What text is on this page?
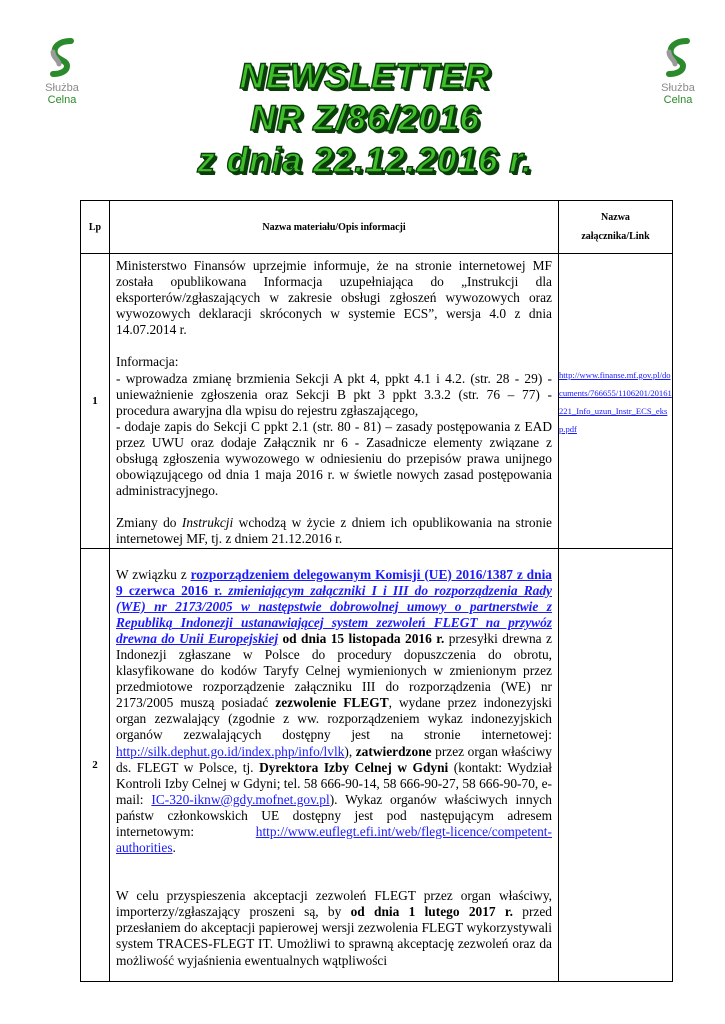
Służba
Celna
Służba
Celna
NEWSLETTER
NR Z/86/2016
z dnia 22.12.2016 r.
Lp	Nazwa materiału/Opis informacji	Nazwa
załącznika/Link

1	Ministerstwo Finansów uprzejmie informuje, że na stronie internetowej MF została opublikowana Informacja uzupełniająca do „Instrukcji dla eksporterów/zgłaszających w zakresie obsługi zgłoszeń wywozowych oraz wywozowych deklaracji skróconych w systemie ECS”, wersja 4.0 z dnia 14.07.2014 r.

Informacja:

- wprowadza zmianę brzmienia Sekcji A pkt 4, ppkt 4.1 i 4.2. (str. 28 - 29) - unieważnienie zgłoszenia oraz Sekcji B pkt 3 ppkt 3.3.2 (str. 76 – 77) - procedura awaryjna dla wpisu do rejestru zgłaszającego,

- dodaje zapis do Sekcji C ppkt 2.1 (str. 80 - 81) – zasady postępowania z EAD przez UWU oraz dodaje Załącznik nr 6 - Zasadnicze elementy związane z obsługą zgłoszenia wywozowego w odniesieniu do przepisów prawa unijnego obowiązującego od dnia 1 maja 2016 r. w świetle nowych zasad postępowania administracyjnego.

Zmiany do Instrukcji wchodzą w życie z dniem ich opublikowania na stronie internetowej MF, tj. z dniem 21.12.2016 r.	http://www.finanse.mf.gov.pl/documents/766655/1106201/20161221_Info_uzun_Instr_ECS_eksp.pdf
2	W związku z rozporządzeniem delegowanym Komisji (UE) 2016/1387 z dnia 9 czerwca 2016 r. zmieniającym załączniki I i III do rozporządzenia Rady (WE) nr 2173/2005 w następstwie dobrowolnej umowy o partnerstwie z Republiką Indonezji ustanawiającej system zezwoleń FLEGT na przywóz drewna do Unii Europejskiej od dnia 15 listopada 2016 r. przesyłki drewna z Indonezji zgłaszane w Polsce do procedury dopuszczenia do obrotu, klasyfikowane do kodów Taryfy Celnej wymienionych w zmienionym przez przedmiotowe rozporządzenie załączniku III do rozporządzenia (WE) nr 2173/2005 muszą posiadać zezwolenie FLEGT, wydane przez indonezyjski organ zezwalający (zgodnie z ww. rozporządzeniem wykaz indonezyjskich organów zezwalających dostępny jest na stronie internetowej: http://silk.dephut.go.id/index.php/info/lvlk), zatwierdzone przez organ właściwy ds. FLEGT w Polsce, tj. Dyrektora Izby Celnej w Gdyni (kontakt: Wydział Kontroli Izby Celnej w Gdyni; tel. 58 666-90-14, 58 666-90-27, 58 666-90-70, e-mail: IC-320-iknw@gdy.mofnet.gov.pl). Wykaz organów właściwych innych państw członkowskich UE dostępny jest pod następującym adresem internetowym: http://www.euflegt.efi.int/web/flegt-licence/competent-authorities.

W celu przyspieszenia akceptacji zezwoleń FLEGT przez organ właściwy, importerzy/zgłaszający proszeni są, by od dnia 1 lutego 2017 r. przed przesłaniem do akceptacji papierowej wersji zezwolenia FLEGT wykorzystywali system TRACES-FLEGT IT. Umożliwi to sprawną akceptację zezwoleń oraz da możliwość wyjaśnienia ewentualnych wątpliwości	
